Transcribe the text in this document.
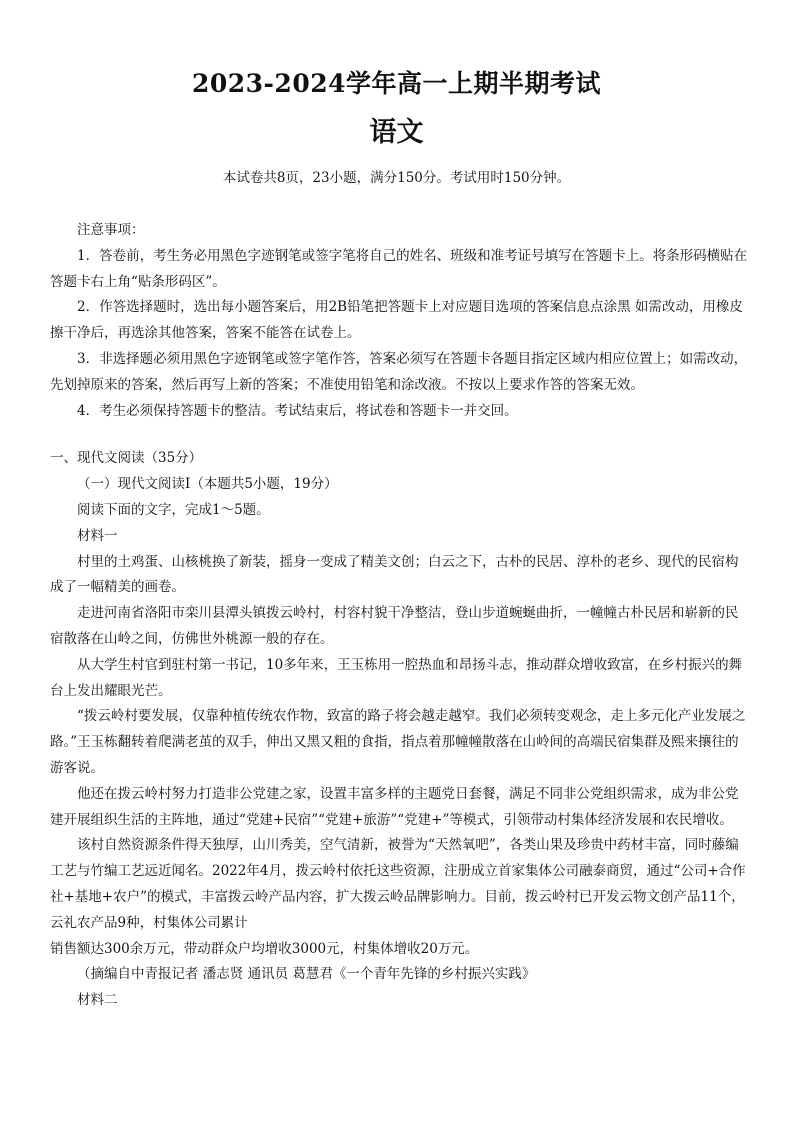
2023-2024学年高一上期半期考试
语文
本试卷共8页，23小题，满分150分。考试用时150分钟。

注意事项：

1．答卷前，考生务必用黑色字迹钢笔或签字笔将自己的姓名、班级和准考证号填写在答题卡上。将条形码横贴在答题卡右上角“贴条形码区”。

2．作答选择题时，选出每小题答案后，用2B铅笔把答题卡上对应题目选项的答案信息点涂黑 如需改动，用橡皮擦干净后，再选涂其他答案，答案不能答在试卷上。

3．非选择题必须用黑色字迹钢笔或签字笔作答，答案必须写在答题卡各题目指定区域内相应位置上；如需改动，先划掉原来的答案，然后再写上新的答案；不准使用铅笔和涂改液。不按以上要求作答的答案无效。

4．考生必须保持答题卡的整洁。考试结束后，将试卷和答题卡一并交回。

一、现代文阅读（35分）

（一）现代文阅读Ⅰ（本题共5小题，19分）

阅读下面的文字，完成1～5题。

材料一

村里的土鸡蛋、山核桃换了新装，摇身一变成了精美文创；白云之下，古朴的民居、淳朴的老乡、现代的民宿构成了一幅精美的画卷。

走进河南省洛阳市栾川县潭头镇拨云岭村，村容村貌干净整洁，登山步道蜿蜒曲折，一幢幢古朴民居和崭新的民宿散落在山岭之间，仿佛世外桃源一般的存在。

从大学生村官到驻村第一书记，10多年来，王玉栋用一腔热血和昂扬斗志，推动群众增收致富，在乡村振兴的舞台上发出耀眼光芒。

“拨云岭村要发展，仅靠种植传统农作物，致富的路子将会越走越窄。我们必须转变观念，走上多元化产业发展之路。”王玉栋翻转着爬满老茧的双手，伸出又黑又粗的食指，指点着那幢幢散落在山岭间的高端民宿集群及熙来攘往的游客说。

他还在拨云岭村努力打造非公党建之家，设置丰富多样的主题党日套餐，满足不同非公党组织需求，成为非公党建开展组织生活的主阵地，通过“党建+民宿”“党建+旅游”“党建+”等模式，引领带动村集体经济发展和农民增收。

该村自然资源条件得天独厚，山川秀美，空气清新，被誉为“天然氧吧”，各类山果及珍贵中药材丰富，同时藤编工艺与竹编工艺远近闻名。2022年4月，拨云岭村依托这些资源，注册成立首家集体公司融泰商贸，通过“公司+合作社+基地+农户”的模式，丰富拨云岭产品内容，扩大拨云岭品牌影响力。目前，拨云岭村已开发云物文创产品11个，云礼农产品9种，村集体公司累计

销售额达300余万元，带动群众户均增收3000元，村集体增收20万元。

（摘编自中青报记者 潘志贤 通讯员 葛慧君《一个青年先锋的乡村振兴实践》

材料二
